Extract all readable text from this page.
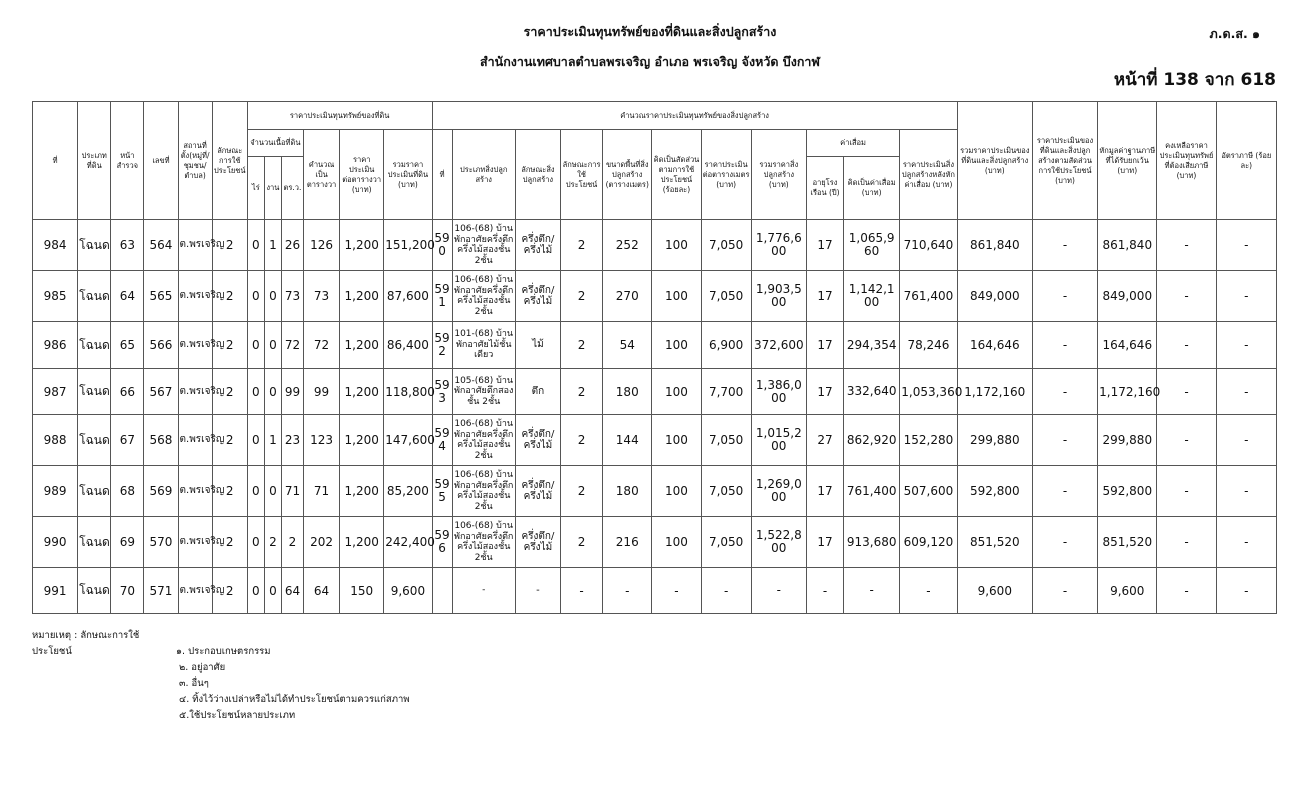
ราคาประเมินทุนทรัพย์ของที่ดินและสิ่งปลูกสร้าง
สำนักงานเทศบาลตำบลพรเจริญ อำเภอ พรเจริญ จังหวัด บึงกาฬ
ภ.ด.ส. ๑
หน้าที่ 138 จาก 618
ที่	ประเภทที่ดิน	หน้าสำรวจ	เลขที่	สถานที่ตั้ง(หมู่ที่/ชุมชน/ตำบล)	ลักษณะการใช้ประโยชน์	ราคาประเมินทุนทรัพย์ของที่ดิน						คำนวณราคาประเมินทุนทรัพย์ของสิ่งปลูกสร้าง											รวมราคาประเมินของที่ดินและสิ่งปลูกสร้าง (บาท)	ราคาประเมินของที่ดินและสิ่งปลูกสร้างตามสัดส่วนการใช้ประโยชน์ (บาท)	หักมูลค่าฐานภาษีที่ได้รับยกเว้น (บาท)	คงเหลือราคาประเมินทุนทรัพย์ที่ต้องเสียภาษี (บาท)	อัตราภาษี (ร้อยละ)
						จำนวนเนื้อที่ดิน			คำนวณเป็นตารางวา	ราคาประเมินต่อตารางวา (บาท)	รวมราคาประเมินที่ดิน (บาท)	ที่	ประเภทสิ่งปลูกสร้าง	ลักษณะสิ่งปลูกสร้าง	ลักษณะการใช้ประโยชน์	ขนาดพื้นที่สิ่งปลูกสร้าง (ตารางเมตร)	คิดเป็นสัดส่วนตามการใช้ประโยชน์ (ร้อยละ)	ราคาประเมินต่อตารางเมตร (บาท)	รวมราคาสิ่งปลูกสร้าง (บาท)	ค่าเสื่อม		ราคาประเมินสิ่งปลูกสร้างหลังหักค่าเสื่อม (บาท)					
						ไร่	งาน	ตร.ว.												อายุโรงเรือน (ปี)	คิดเป็นค่าเสื่อม (บาท)						
984	โฉนด	63	564	ต.พรเจริญ	2	0	1	26	126	1,200	151,200	590	106-(68) บ้านพักอาศัยครึ่งตึกครึ่งไม้สองชั้น 2ชั้น	ครึ่งตึก/ครึ่งไม้	2	252	100	7,050	1,776,600	17	1,065,960	710,640	861,840	-	861,840	-	-
985	โฉนด	64	565	ต.พรเจริญ	2	0	0	73	73	1,200	87,600	591	106-(68) บ้านพักอาศัยครึ่งตึกครึ่งไม้สองชั้น 2ชั้น	ครึ่งตึก/ครึ่งไม้	2	270	100	7,050	1,903,500	17	1,142,100	761,400	849,000	-	849,000	-	-
986	โฉนด	65	566	ต.พรเจริญ	2	0	0	72	72	1,200	86,400	592	101-(68) บ้านพักอาศัยไม้ชั้นเดียว	ไม้	2	54	100	6,900	372,600	17	294,354	78,246	164,646	-	164,646	-	-
987	โฉนด	66	567	ต.พรเจริญ	2	0	0	99	99	1,200	118,800	593	105-(68) บ้านพักอาศัยตึกสองชั้น 2ชั้น	ตึก	2	180	100	7,700	1,386,000	17	332,640	1,053,360	1,172,160	-	1,172,160	-	-
988	โฉนด	67	568	ต.พรเจริญ	2	0	1	23	123	1,200	147,600	594	106-(68) บ้านพักอาศัยครึ่งตึกครึ่งไม้สองชั้น 2ชั้น	ครึ่งตึก/ครึ่งไม้	2	144	100	7,050	1,015,200	27	862,920	152,280	299,880	-	299,880	-	-
989	โฉนด	68	569	ต.พรเจริญ	2	0	0	71	71	1,200	85,200	595	106-(68) บ้านพักอาศัยครึ่งตึกครึ่งไม้สองชั้น 2ชั้น	ครึ่งตึก/ครึ่งไม้	2	180	100	7,050	1,269,000	17	761,400	507,600	592,800	-	592,800	-	-
990	โฉนด	69	570	ต.พรเจริญ	2	0	2	2	202	1,200	242,400	596	106-(68) บ้านพักอาศัยครึ่งตึกครึ่งไม้สองชั้น 2ชั้น	ครึ่งตึก/ครึ่งไม้	2	216	100	7,050	1,522,800	17	913,680	609,120	851,520	-	851,520	-	-
991	โฉนด	70	571	ต.พรเจริญ	2	0	0	64	64	150	9,600		-	-	-	-	-	-	-	-	-	-	9,600	-	9,600	-	-
หมายเหตุ : ลักษณะการใช้ประโยชน์	๑. ประกอบเกษตรกรรม
๒. อยู่อาศัย
๓. อื่นๆ
๔. ทิ้งไว้ว่างเปล่าหรือไม่ได้ทำประโยชน์ตามควรแก่สภาพ
๕.ใช้ประโยชน์หลายประเภท
